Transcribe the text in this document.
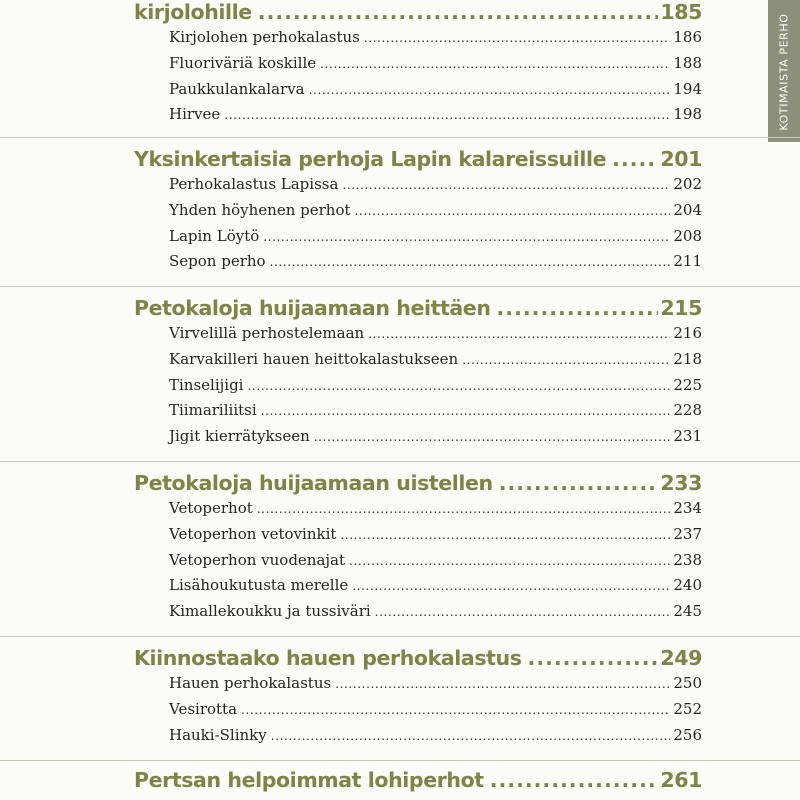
KOTIMAISTA PERHO
kirjolohille .....	185
Kirjolohen perhokalastus .....	186
Fluoriväriä koskille .....	188
Paukkulankalarva .....	194
Hirvee .....	198
Yksinkertaisia perhoja Lapin kalareissuille .....	201
Perhokalastus Lapissa .....	202
Yhden höyhenen perhot .....	204
Lapin Löytö .....	208
Sepon perho .....	211
Petokaloja huijaamaan heittäen .....	215
Virvelillä perhostelemaan .....	216
Karvakilleri hauen heittokalastukseen .....	218
Tinselijigi .....	225
Tiimariliitsi .....	228
Jigit kierrätykseen .....	231
Petokaloja huijaamaan uistellen .....	233
Vetoperhot .....	234
Vetoperhon vetovinkit .....	237
Vetoperhon vuodenajat .....	238
Lisähoukutusta merelle .....	240
Kimallekoukku ja tussiväri .....	245
Kiinnostaako hauen perhokalastus .....	249
Hauen perhokalastus .....	250
Vesirotta .....	252
Hauki-Slinky .....	256
Pertsan helpoimmat lohiperhot .....	261
